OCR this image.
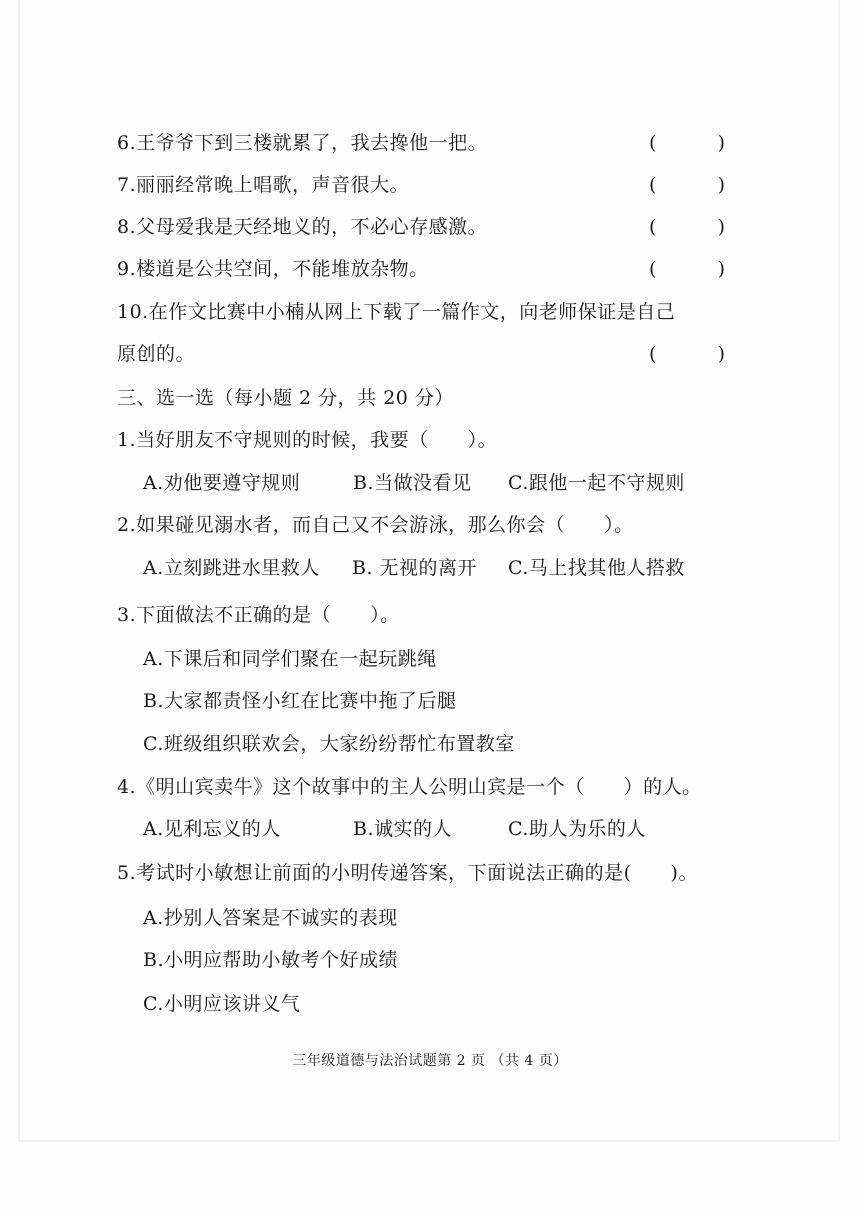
6.王爷爷下到三楼就累了，我去搀他一把。	(	)
7.丽丽经常晚上唱歌，声音很大。	(	)
8.父母爱我是天经地义的，不必心存感激。	(	)
9.楼道是公共空间，不能堆放杂物。	(	)
10.在作文比赛中小楠从网上下载了一篇作文，向老师保证是自己
原创的。	(	)
三、选一选（每小题 2 分，共 20 分）
1.当好朋友不守规则的时候，我要（　　）。
A.劝他要遵守规则	B.当做没看见 C.跟他一起不守规则
2.如果碰见溺水者，而自己又不会游泳，那么你会（　　）。
A.立刻跳进水里救人 B. 无视的离开 C.马上找其他人搭救
3.下面做法不正确的是（　　）。
A.下课后和同学们聚在一起玩跳绳
B.大家都责怪小红在比赛中拖了后腿
C.班级组织联欢会，大家纷纷帮忙布置教室
4.《明山宾卖牛》这个故事中的主人公明山宾是一个（　　）的人。
A.见利忘义的人	B.诚实的人	C.助人为乐的人
5.考试时小敏想让前面的小明传递答案，下面说法正确的是(　　)。
A.抄别人答案是不诚实的表现
B.小明应帮助小敏考个好成绩
C.小明应该讲义气
三年级道德与法治试题第 2 页 （共 4 页）
